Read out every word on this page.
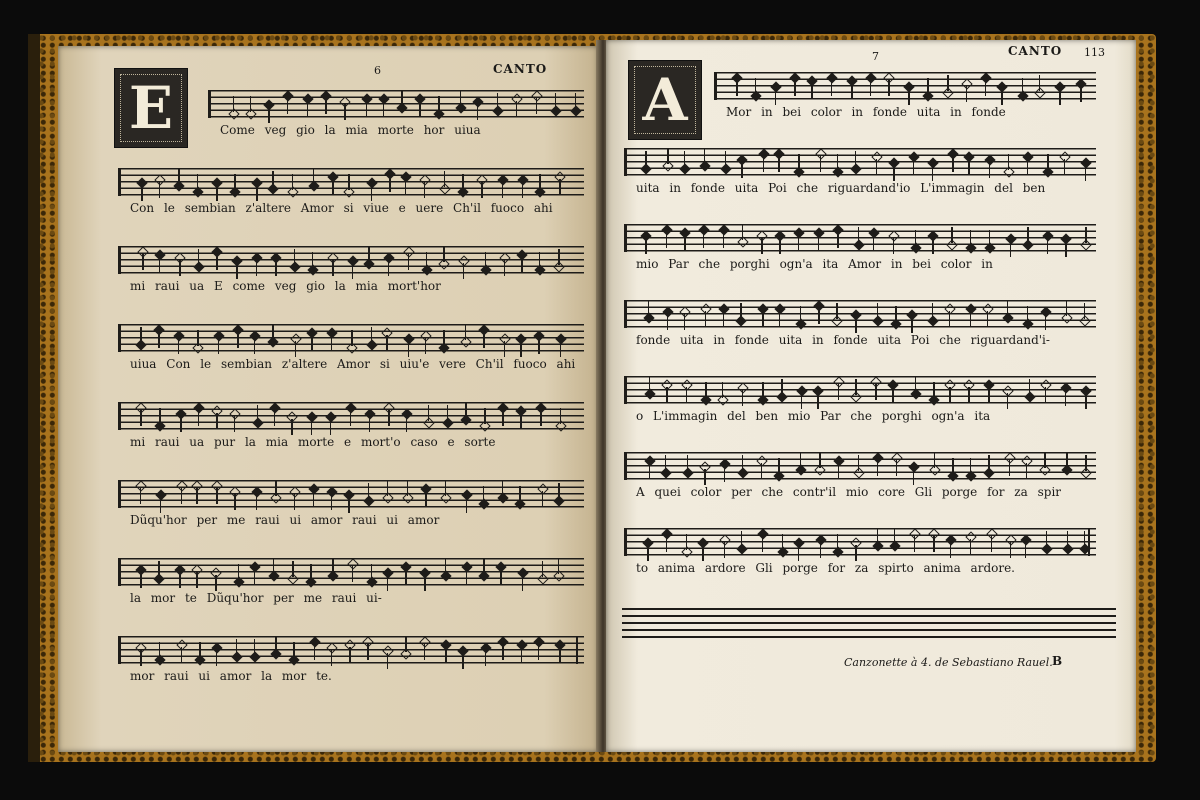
CANTO
6
E	Come veg gio la mia morte hor uiua
Con le sembian z'altere Amor si viue e uere Ch'il fuoco ahi
mi raui ua E come veg gio la mia mort'hor
uiua Con le sembian z'altere Amor si uiu'e vere Ch'il fuoco ahi
mi raui ua pur la mia morte e mort'o caso e sorte
Dũqu'hor per me raui ui amor raui ui amor
la mor te Dũqu'hor per me raui ui-
mor raui ui amor la mor te.
CANTO 113
7
A	Mor in bei color in fonde uita in fonde
uita in fonde uita Poi che riguardand'io L'immagin del ben
mio Par che porghi ogn'a ita Amor in bei color in
fonde uita in fonde uita in fonde uita Poi che riguardand'i-
o L'immagin del ben mio Par che porghi ogn'a ita
A quei color per che contr'il mio core Gli porge for za spir
to anima ardore Gli porge for za spirto anima ardore.
Canzonette à 4. de Sebastiano Rauel. B
